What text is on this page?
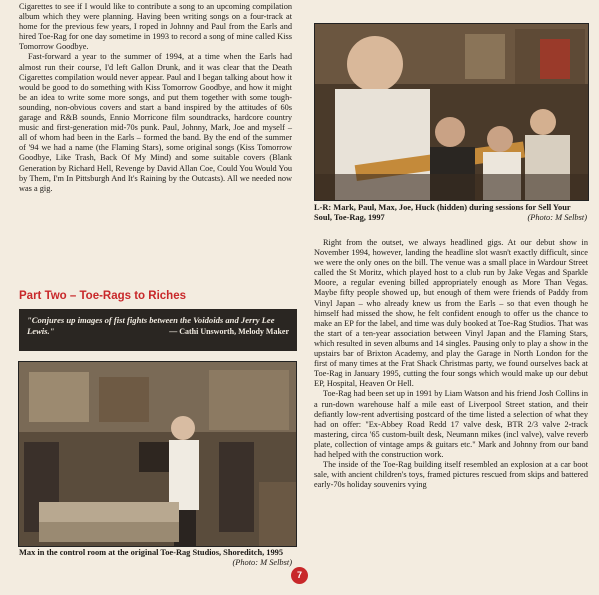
Cigarettes to see if I would like to contribute a song to an upcoming compilation album which they were planning. Having been writing songs on a four-track at home for the previous few years, I roped in Johnny and Paul from the Earls and hired Toe-Rag for one day sometime in 1993 to record a song of mine called Kiss Tomorrow Goodbye.

Fast-forward a year to the summer of 1994, at a time when the Earls had almost run their course, I'd left Gallon Drunk, and it was clear that the Death Cigarettes compilation would never appear. Paul and I began talking about how it would be good to do something with Kiss Tomorrow Goodbye, and how it might be an idea to write some more songs, and put them together with some tough-sounding, non-obvious covers and start a band inspired by the attitudes of 60s garage and R&B sounds, Ennio Morricone film soundtracks, hardcore country music and first-generation mid-70s punk. Paul, Johnny, Mark, Joe and myself – all of whom had been in the Earls – formed the band. By the end of the summer of '94 we had a name (the Flaming Stars), some original songs (Kiss Tomorrow Goodbye, Like Trash, Back Of My Mind) and some suitable covers (Blank Generation by Richard Hell, Revenge by David Allan Coe, Could You Would You by Them, I'm In Pittsburgh And It's Raining by the Outcasts). All we needed now was a gig.

Part Two – Toe-Rags to Riches
"Conjures up images of fist fights between the Voidoids and Jerry Lee Lewis."	— Cathi Unsworth, Melody Maker
L-R: Mark, Paul, Max, Joe, Huck (hidden) during sessions for Sell Your Soul, Toe-Rag, 1997	(Photo: M Selbst)

Right from the outset, we always headlined gigs. At our debut show in November 1994, however, landing the headline slot wasn't exactly difficult, since we were the only ones on the bill. The venue was a small place in Wardour Street called the St Moritz, which played host to a club run by Jake Vegas and Sparkle Moore, a regular evening billed appropriately enough as More Than Vegas. Maybe fifty people showed up, but enough of them were friends of Paddy from Vinyl Japan – who already knew us from the Earls – so that even though he himself had missed the show, he felt confident enough to offer us the chance to make an EP for the label, and time was duly booked at Toe-Rag Studios. That was the start of a ten-year association between Vinyl Japan and the Flaming Stars, which resulted in seven albums and 14 singles. Pausing only to play a show in the upstairs bar of Brixton Academy, and play the Garage in North London for the first of many times at the Frat Shack Christmas party, we found ourselves back at Toe-Rag in January 1995, cutting the four songs which would make up our debut EP, Hospital, Heaven Or Hell.

Toe-Rag had been set up in 1991 by Liam Watson and his friend Josh Collins in a run-down warehouse half a mile east of Liverpool Street station, and their defiantly low-rent advertising postcard of the time listed a selection of what they had on offer: "Ex-Abbey Road Redd 17 valve desk, BTR 2/3 valve 2-track mastering, circa '65 custom-built desk, Neumann mikes (incl valve), valve reverb plate, collection of vintage amps & guitars etc." Mark and Johnny from our band had helped with the construction work.

The inside of the Toe-Rag building itself resembled an explosion at a car boot sale, with ancient children's toys, framed pictures rescued from skips and battered early-70s holiday souvenirs vying

Max in the control room at the original Toe-Rag Studios, Shoreditch, 1995
(Photo: M Selbst)
7
